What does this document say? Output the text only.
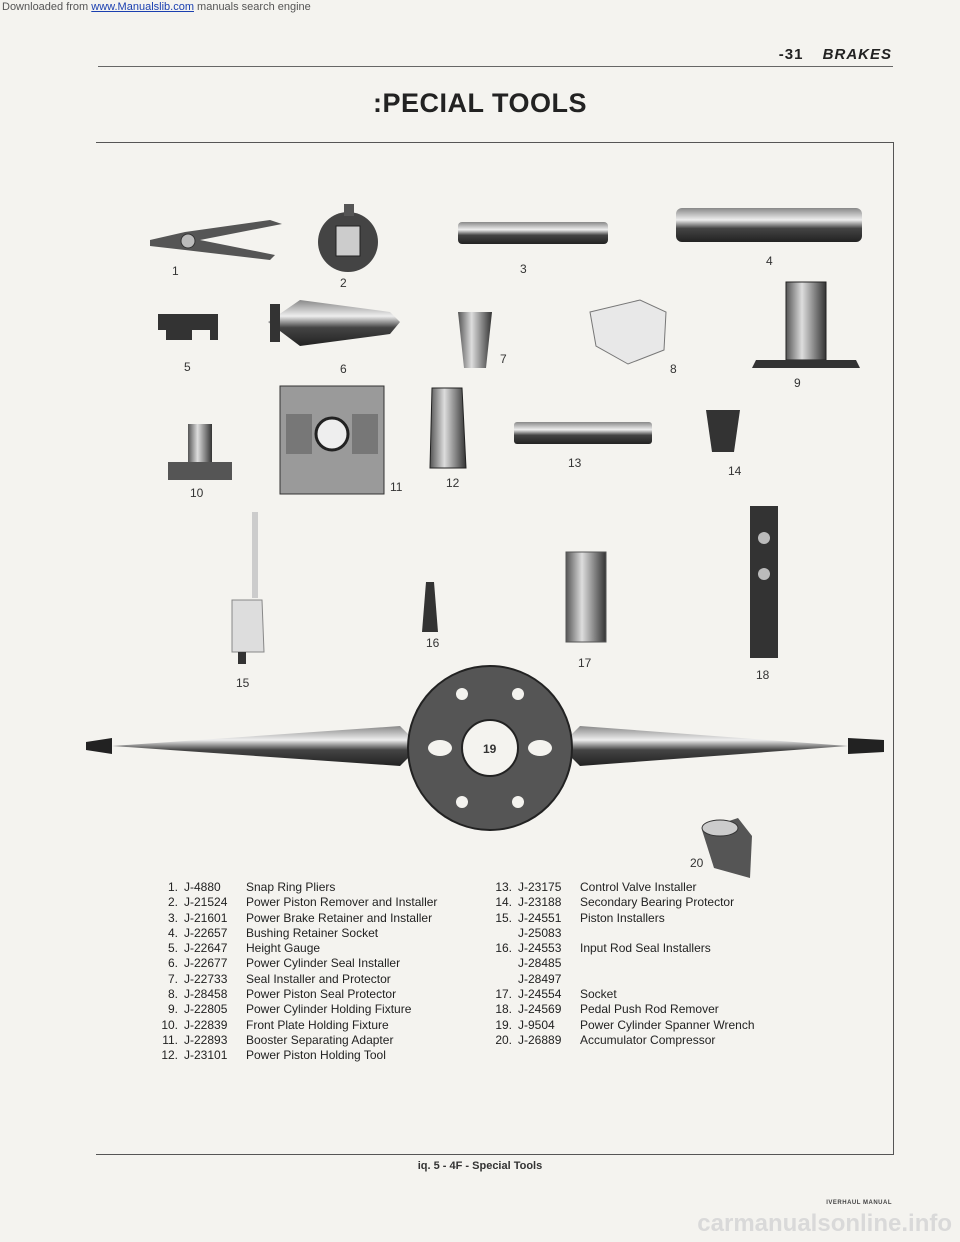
Downloaded from www.Manualslib.com manuals search engine
-31 BRAKES
:PECIAL TOOLS
1
2
3
4
5	6
7
8
9
10	11	12
13
14
15
16
17
18
19
20
1. J-4880	Snap Ring Pliers
2. J-21524	Power Piston Remover and Installer
3. J-21601	Power Brake Retainer and Installer
4. J-22657	Bushing Retainer Socket
5. J-22647	Height Gauge
6. J-22677	Power Cylinder Seal Installer
7. J-22733	Seal Installer and Protector
8. J-28458	Power Piston Seal Protector
9. J-22805	Power Cylinder Holding Fixture
10. J-22839	Front Plate Holding Fixture
11. J-22893	Booster Separating Adapter
12. J-23101	Power Piston Holding Tool
13. J-23175	Control Valve Installer
14. J-23188	Secondary Bearing Protector
15. J-24551	Piston Installers
J-25083
16. J-24553	Input Rod Seal Installers
J-28485
J-28497
17. J-24554	Socket
18. J-24569	Pedal Push Rod Remover
19. J-9504	Power Cylinder Spanner Wrench
20. J-26889	Accumulator Compressor
iq. 5 - 4F - Special Tools
IVERHAUL MANUAL
carmanualsonline.info
